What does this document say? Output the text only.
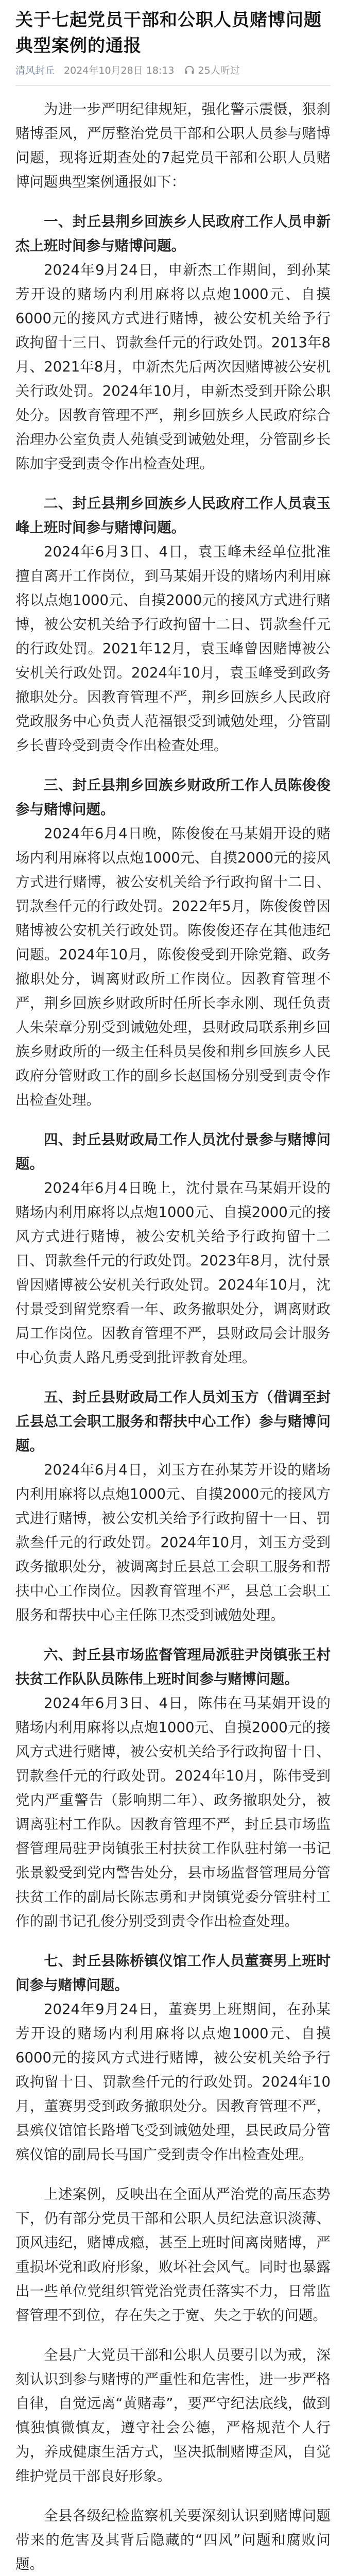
关于七起党员干部和公职人员赌博问题典型案例的通报
清风封丘 2024年10月28日 18:13 25人听过

为进一步严明纪律规矩，强化警示震慑，狠刹赌博歪风，严厉整治党员干部和公职人员参与赌博问题，现将近期查处的7起党员干部和公职人员赌博问题典型案例通报如下：

一、封丘县荆乡回族乡人民政府工作人员申新杰上班时间参与赌博问题。
2024年9月24日，申新杰工作期间，到孙某芳开设的赌场内利用麻将以点炮1000元、自摸6000元的接风方式进行赌博，被公安机关给予行政拘留十三日、罚款叁仟元的行政处罚。2013年8月、2021年8月，申新杰先后两次因赌博被公安机关行政处罚。2024年10月，申新杰受到开除公职处分。因教育管理不严，荆乡回族乡人民政府综合治理办公室负责人苑镇受到诫勉处理，分管副乡长陈加宇受到责令作出检查处理。
二、封丘县荆乡回族乡人民政府工作人员袁玉峰上班时间参与赌博问题。
2024年6月3日、4日，袁玉峰未经单位批准擅自离开工作岗位，到马某娟开设的赌场内利用麻将以点炮1000元、自摸2000元的接风方式进行赌博，被公安机关给予行政拘留十二日、罚款叁仟元的行政处罚。2021年12月，袁玉峰曾因赌博被公安机关行政处罚。2024年10月，袁玉峰受到政务撤职处分。因教育管理不严，荆乡回族乡人民政府党政服务中心负责人范福银受到诫勉处理，分管副乡长曹玲受到责令作出检查处理。
三、封丘县荆乡回族乡财政所工作人员陈俊俊参与赌博问题。
2024年6月4日晚，陈俊俊在马某娟开设的赌场内利用麻将以点炮1000元、自摸2000元的接风方式进行赌博，被公安机关给予行政拘留十二日、罚款叁仟元的行政处罚。2022年5月，陈俊俊曾因赌博被公安机关行政处罚。陈俊俊还存在其他违纪问题。2024年10月，陈俊俊受到开除党籍、政务撤职处分，调离财政所工作岗位。因教育管理不严，荆乡回族乡财政所时任所长李永刚、现任负责人朱荣章分别受到诫勉处理，县财政局联系荆乡回族乡财政所的一级主任科员吴俊和荆乡回族乡人民政府分管财政工作的副乡长赵国杨分别受到责令作出检查处理。
四、封丘县财政局工作人员沈付景参与赌博问题。
2024年6月4日晚上，沈付景在马某娟开设的赌场内利用麻将以点炮1000元、自摸2000元的接风方式进行赌博，被公安机关给予行政拘留十二日、罚款叁仟元的行政处罚。2023年8月，沈付景曾因赌博被公安机关行政处罚。2024年10月，沈付景受到留党察看一年、政务撤职处分，调离财政局工作岗位。因教育管理不严，县财政局会计服务中心负责人路凡勇受到批评教育处理。
五、封丘县财政局工作人员刘玉方（借调至封丘县总工会职工服务和帮扶中心工作）参与赌博问题。
2024年6月4日，刘玉方在孙某芳开设的赌场内利用麻将以点炮1000元、自摸2000元的接风方式进行赌博，被公安机关给予行政拘留十一日、罚款叁仟元的行政处罚。2024年10月，刘玉方受到政务撤职处分，被调离封丘县总工会职工服务和帮扶中心工作岗位。因教育管理不严，县总工会职工服务和帮扶中心主任陈卫杰受到诫勉处理。
六、封丘县市场监督管理局派驻尹岗镇张王村扶贫工作队队员陈伟上班时间参与赌博问题。
2024年6月3日、4日，陈伟在马某娟开设的赌场内利用麻将以点炮1000元、自摸2000元的接风方式进行赌博，被公安机关给予行政拘留十日、罚款叁仟元的行政处罚。2024年10月，陈伟受到党内严重警告（影响期二年）、政务撤职处分，被调离驻村工作队。因教育管理不严，封丘县市场监督管理局驻尹岗镇张王村扶贫工作队驻村第一书记张景毅受到党内警告处分，县市场监督管理局分管扶贫工作的副局长陈志勇和尹岗镇党委分管驻村工作的副书记孔俊分别受到责令作出检查处理。
七、封丘县陈桥镇仪馆工作人员董赛男上班时间参与赌博问题。
2024年9月24日，董赛男上班期间，在孙某芳开设的赌场内利用麻将以点炮1000元、自摸6000元的接风方式进行赌博，被公安机关给予行政拘留十日、罚款叁仟元的行政处罚。2024年10月，董赛男受到政务撤职处分。因教育管理不严，县殡仪馆馆长路增飞受到诫勉处理，县民政局分管殡仪馆的副局长马国广受到责令作出检查处理。

上述案例，反映出在全面从严治党的高压态势下，仍有部分党员干部和公职人员纪法意识淡薄、顶风违纪，赌博成瘾，甚至上班时间离岗赌博，严重损坏党和政府形象，败坏社会风气。同时也暴露出一些单位党组织管党治党责任落实不力，日常监督管理不到位，存在失之于宽、失之于软的问题。

全县广大党员干部和公职人员要引以为戒，深刻认识到参与赌博的严重性和危害性，进一步严格自律，自觉远离“黄赌毒”，要严守纪法底线，做到慎独慎微慎友，遵守社会公德，严格规范个人行为，养成健康生活方式，坚决抵制赌博歪风，自觉维护党员干部良好形象。

全县各级纪检监察机关要深刻认识到赌博问题带来的危害及其背后隐藏的“四风”问题和腐败问题。
